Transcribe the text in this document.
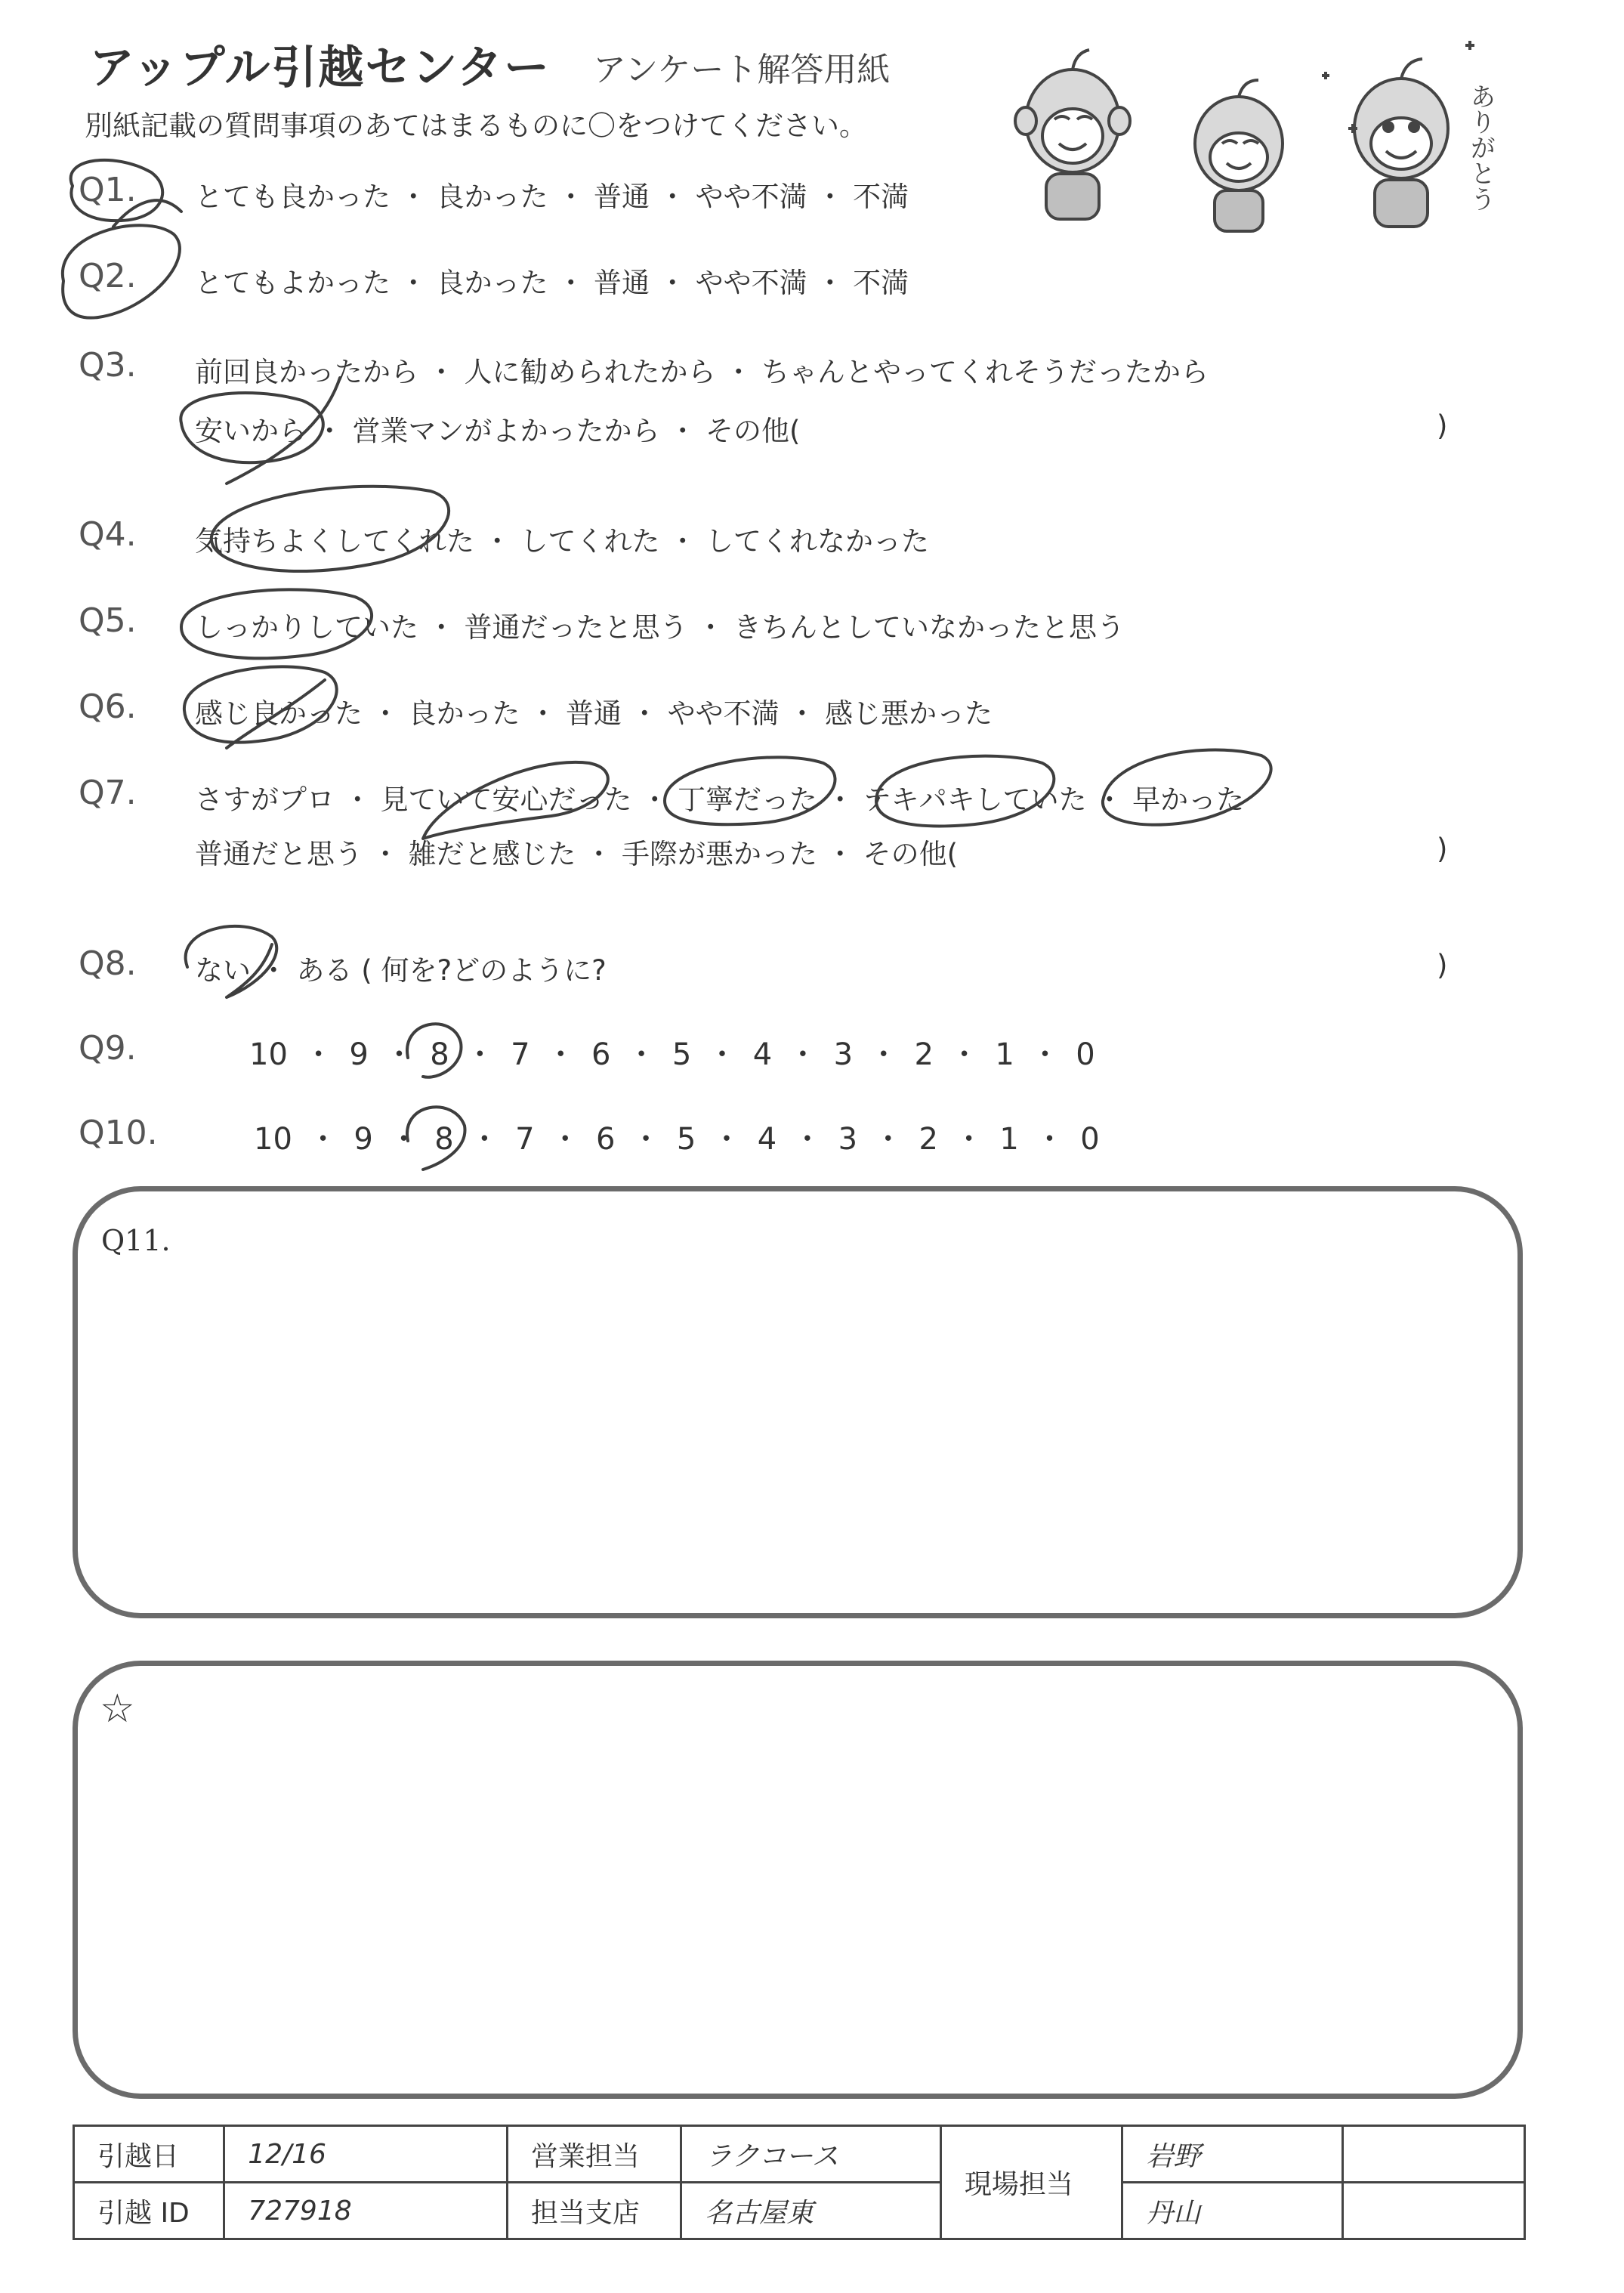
アップル引越センター アンケート解答用紙
別紙記載の質問事項のあてはまるものに〇をつけてください。	ありがとう
Q1. とても良かった ・ 良かった ・ 普通 ・ やや不満 ・ 不満
Q2. とてもよかった ・ 良かった ・ 普通 ・ やや不満 ・ 不満
Q3. 前回良かったから ・ 人に勧められたから ・ ちゃんとやってくれそうだったから
安いから ・ 営業マンがよかったから ・ その他(	)
Q4. 気持ちよくしてくれた ・ してくれた ・ してくれなかった
Q5. しっかりしていた ・ 普通だったと思う ・ きちんとしていなかったと思う
Q6. 感じ良かった ・ 良かった ・ 普通 ・ やや不満 ・ 感じ悪かった
Q7. さすがプロ ・ 見ていて安心だった ・ 丁寧だった ・ テキパキしていた ・ 早かった
普通だと思う ・ 雑だと感じた ・ 手際が悪かった ・ その他(	)
Q8. ない ・ ある ( 何を?どのように?	)
Q9.	10 ・ 9 ・ 8 ・ 7 ・ 6 ・ 5 ・ 4 ・ 3 ・ 2 ・ 1 ・ 0
Q10.	10 ・ 9 ・ 8 ・ 7 ・ 6 ・ 5 ・ 4 ・ 3 ・ 2 ・ 1 ・ 0
Q11.
☆
引越日	12/16	営業担当	ラクコース	現場担当	岩野	
引越 ID	727918	担当支店	名古屋東		丹山	
